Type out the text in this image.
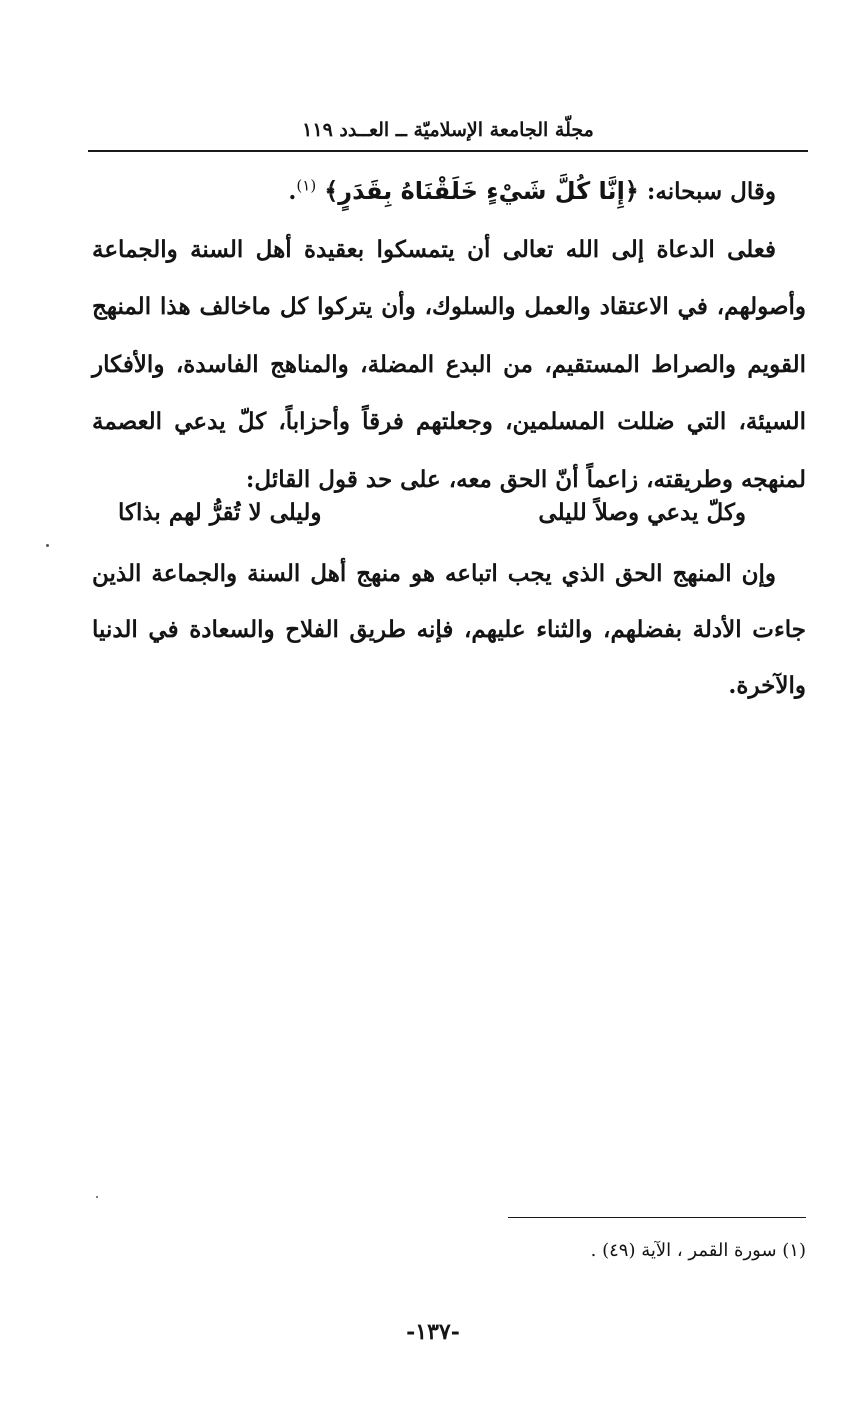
مجلّة الجامعة الإسلاميّة ــ العــدد ١١٩

وقال سبحانه: ﴿إِنَّا كُلَّ شَيْءٍ خَلَقْنَاهُ بِقَدَرٍ﴾ $^{(١)}$.

فعلى الدعاة إلى الله تعالى أن يتمسكوا بعقيدة أهل السنة والجماعة وأصولهم، في الاعتقاد والعمل والسلوك، وأن يتركوا كل ماخالف هذا المنهج القويم والصراط المستقيم، من البدع المضلة، والمناهج الفاسدة، والأفكار السيئة، التي ضللت المسلمين، وجعلتهم فرقاً وأحزاباً، كلّ يدعي العصمة لمنهجه وطريقته، زاعماً أنّ الحق معه، على حد قول القائل:

وكلّ يدعي وصلاً لليلى
وليلى لا تُقرُّ لهم بذاكا

وإن المنهج الحق الذي يجب اتباعه هو منهج أهل السنة والجماعة الذين جاءت الأدلة بفضلهم، والثناء عليهم، فإنه طريق الفلاح والسعادة في الدنيا والآخرة.

(١) سورة القمر ، الآية (٤٩) .
-١٣٧-
